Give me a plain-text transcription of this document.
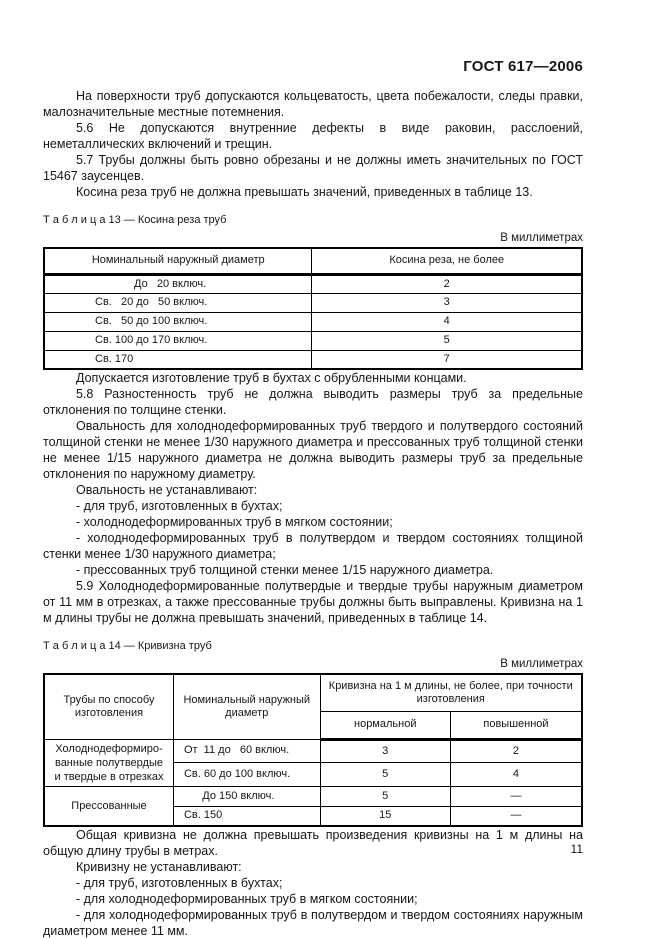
ГОСТ 617—2006

На поверхности труб допускаются кольцеватость, цвета побежалости, следы правки, малозначительные местные потемнения.

5.6 Не допускаются внутренние дефекты в виде раковин, расслоений, неметаллических включений и трещин.

5.7 Трубы должны быть ровно обрезаны и не должны иметь значительных по ГОСТ 15467 заусенцев.

Косина реза труб не должна превышать значений, приведенных в таблице 13.

Т а б л и ц а 13 — Косина реза труб

В миллиметрах

Номинальный наружный диаметр	Косина реза, не более
До   20 включ.	2
Св.   20 до   50 включ.	3
Св.   50 до 100 включ.	4
Св. 100 до 170 включ.	5
Св. 170	7

Допускается изготовление труб в бухтах с обрубленными концами.

5.8 Разностенность труб не должна выводить размеры труб за предельные отклонения по толщине стенки.

Овальность для холоднодеформированных труб твердого и полутвердого состояний толщиной стенки не менее 1/30 наружного диаметра и прессованных труб толщиной стенки не менее 1/15 наружного диаметра не должна выводить размеры труб за предельные отклонения по наружному диаметру.

Овальность не устанавливают:

- для труб, изготовленных в бухтах;

- холоднодеформированных труб в мягком состоянии;

- холоднодеформированных труб в полутвердом и твердом состояниях толщиной стенки менее 1/30 наружного диаметра;

- прессованных труб толщиной стенки менее 1/15 наружного диаметра.

5.9 Холоднодеформированные полутвердые и твердые трубы наружным диаметром от 11 мм в отрезках, а также прессованные трубы должны быть выправлены. Кривизна на 1 м длины трубы не должна превышать значений, приведенных в таблице 14.

Т а б л и ц а 14 — Кривизна труб

В миллиметрах

Трубы по способу изготовления	Номинальный наружный диаметр	Кривизна на 1 м длины, не более, при точности изготовления	
		нормальной	повышенной
Холоднодеформированные полутвердые и твердые в отрезках	От  11 до   60 включ.	3	2
	Св. 60 до 100 включ.	5	4
Прессованные	До 150 включ.	5	—
	Св. 150	15	—

Общая кривизна не должна превышать произведения кривизны на 1 м длины на общую длину трубы в метрах.

Кривизну не устанавливают:

- для труб, изготовленных в бухтах;

- для холоднодеформированных труб в мягком состоянии;

- для холоднодеформированных труб в полутвердом и твердом состояниях наружным диаметром менее 11 мм.

11
